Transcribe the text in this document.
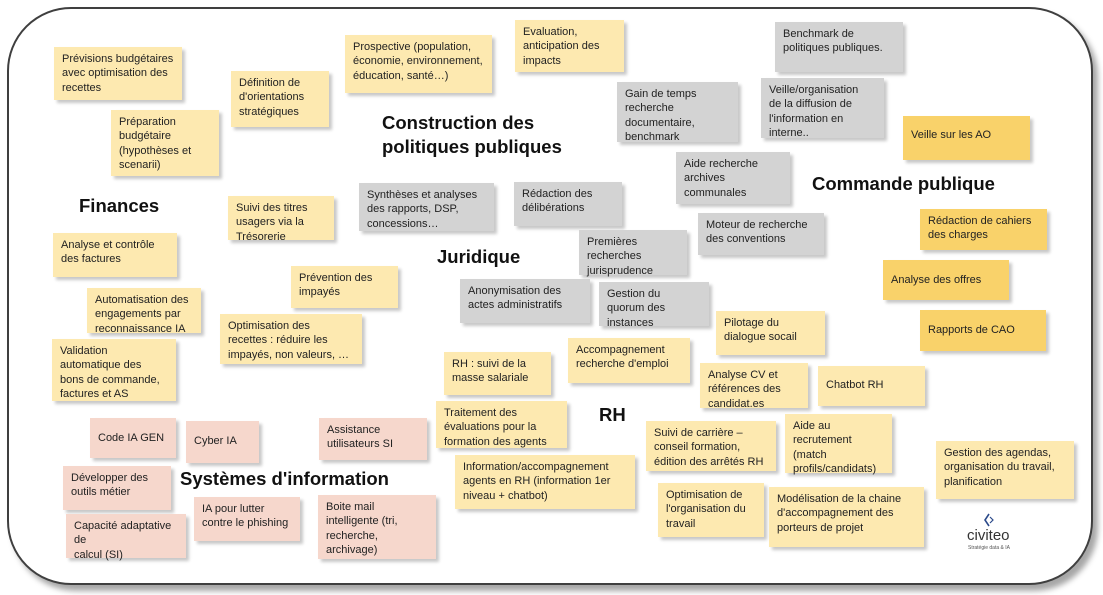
Finances
Construction des
politiques publiques
Juridique
Commande publique
RH
Systèmes d'information
Prévisions budgétaires
avec optimisation des
recettes
Préparation
budgétaire
(hypothèses et
scenarii)
Définition de
d'orientations
stratégiques
Prospective (population,
économie, environnement,
éducation, santé…)
Evaluation,
anticipation des
impacts
Benchmark de
politiques publiques.
Gain de temps
recherche
documentaire,
benchmark
Veille/organisation
de la diffusion de
l'information en
interne..	Veille sur les AO
Aide recherche
archives
communales
Synthèses et analyses
des rapports, DSP,
concessions…
Rédaction des
délibérations
Suivi des titres
usagers via la
Trésorerie
Moteur de recherche
des conventions
Rédaction de cahiers
des charges
Premières
recherches
jurisprudence
Analyse et contrôle
des factures
Prévention des
impayés
Analyse des offres
Automatisation des
engagements par
reconnaissance IA
Anonymisation des
actes administratifs
Gestion du
quorum des
instances
Rapports de CAO
Pilotage du
dialogue socail
Optimisation des
recettes : réduire les
impayés, non valeurs, …
Validation
automatique des
bons de commande,
factures et AS
RH : suivi de la
masse salariale
Accompagnement
recherche d'emploi
Analyse CV et
références des
candidat.es
Chatbot RH
Traitement des
évaluations pour la
formation des agents
Code IA GEN	Cyber IA
Assistance
utilisateurs SI
Suivi de carrière –
conseil formation,
édition des arrêtés RH
Aide au
recrutement
(match
profils/candidats)
Gestion des agendas,
organisation du travail,
planification
Développer des
outils métier
Information/accompagnement
agents en RH (information 1er
niveau + chatbot)
IA pour lutter
contre le phishing
Boite mail
intelligente (tri,
recherche,
archivage)
Optimisation de
l'organisation du
travail
Modélisation de la chaine
d'accompagnement des
porteurs de projet
Capacité adaptative de
calcul (SI)
civiteo
Stratégie data & IA
